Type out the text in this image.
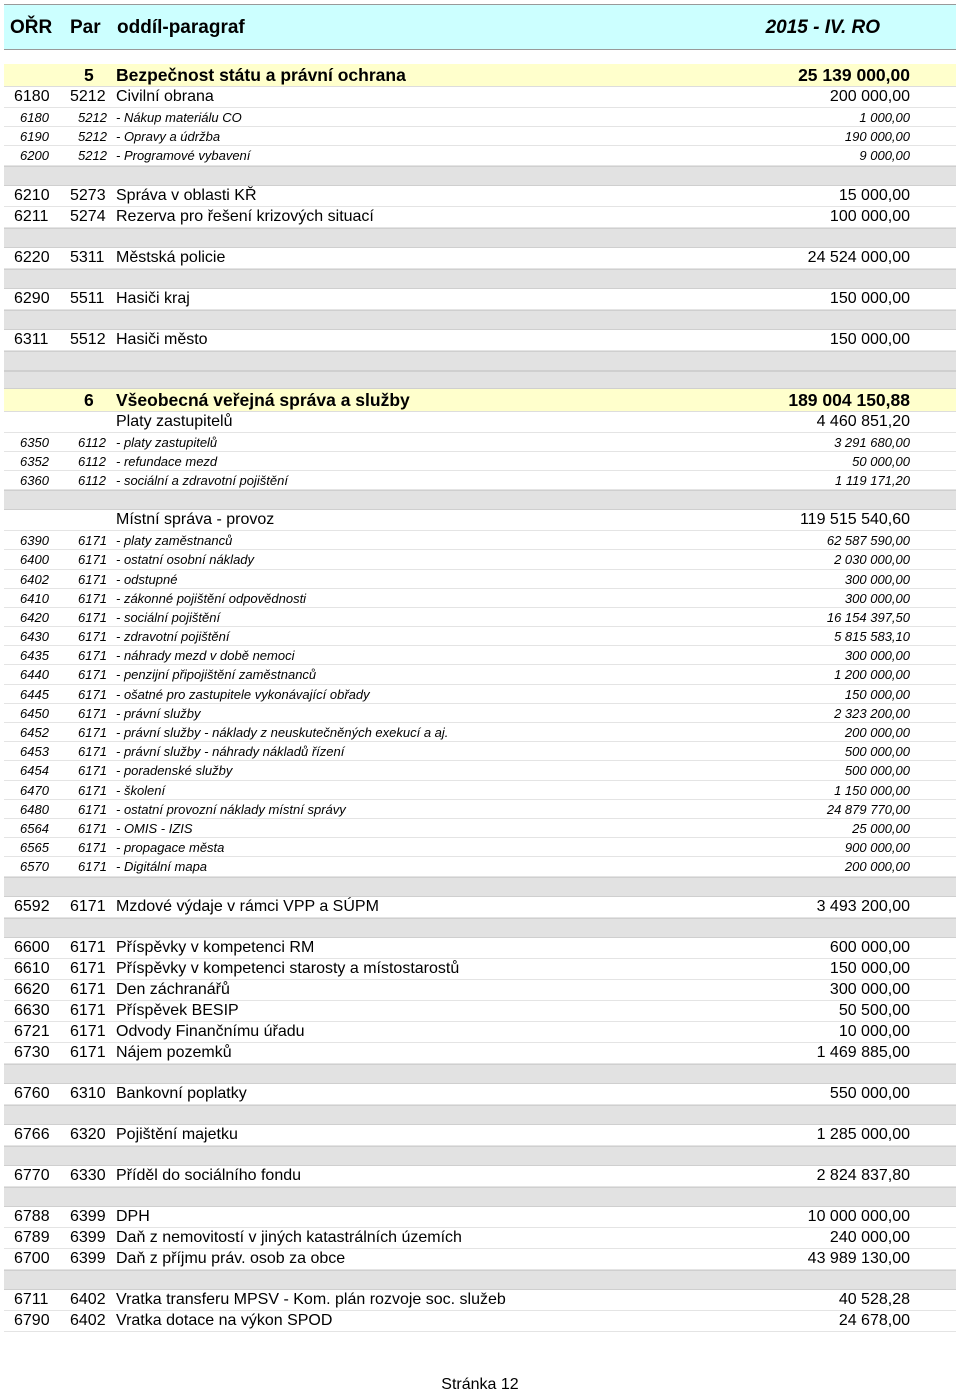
OŘR Par oddíl-paragraf	2015 - IV. RO
5 Bezpečnost státu a právní ochrana	25 139 000,00
6180 5212 Civilní obrana	200 000,00
6180 5212 - Nákup materiálu CO	1 000,00
6190 5212 - Opravy a údržba	190 000,00
6200 5212 - Programové vybavení	9 000,00
6210 5273 Správa v oblasti KŘ	15 000,00
6211 5274 Rezerva pro řešení krizových situací	100 000,00
6220 5311 Městská policie	24 524 000,00
6290 5511 Hasiči kraj	150 000,00
6311 5512 Hasiči město	150 000,00
6 Všeobecná veřejná správa a služby	189 004 150,88
Platy zastupitelů	4 460 851,20
6350 6112 - platy zastupitelů	3 291 680,00
6352 6112 - refundace mezd	50 000,00
6360 6112 - sociální a zdravotní pojištění	1 119 171,20
Místní správa - provoz	119 515 540,60
6390 6171 - platy zaměstnanců	62 587 590,00
6400 6171 - ostatní osobní náklady	2 030 000,00
6402 6171 - odstupné	300 000,00
6410 6171 - zákonné pojištění odpovědnosti	300 000,00
6420 6171 - sociální pojištění	16 154 397,50
6430 6171 - zdravotní pojištění	5 815 583,10
6435 6171 - náhrady mezd v době nemoci	300 000,00
6440 6171 - penzijní připojištění zaměstnanců	1 200 000,00
6445 6171 - ošatné pro zastupitele vykonávající obřady	150 000,00
6450 6171 - právní služby	2 323 200,00
6452 6171 - právní služby - náklady z neuskutečněných exekucí a aj.	200 000,00
6453 6171 - právní služby - náhrady nákladů řízení	500 000,00
6454 6171 - poradenské služby	500 000,00
6470 6171 - školení	1 150 000,00
6480 6171 - ostatní provozní náklady místní správy	24 879 770,00
6564 6171 - OMIS - IZIS	25 000,00
6565 6171 - propagace města	900 000,00
6570 6171 - Digitální mapa	200 000,00
6592 6171 Mzdové výdaje v rámci VPP a SÚPM	3 493 200,00
6600 6171 Příspěvky v kompetenci RM	600 000,00
6610 6171 Příspěvky v kompetenci starosty a místostarostů	150 000,00
6620 6171 Den záchranářů	300 000,00
6630 6171 Příspěvek BESIP	50 500,00
6721 6171 Odvody Finančnímu úřadu	10 000,00
6730 6171 Nájem pozemků	1 469 885,00
6760 6310 Bankovní poplatky	550 000,00
6766 6320 Pojištění majetku	1 285 000,00
6770 6330 Příděl do sociálního fondu	2 824 837,80
6788 6399 DPH	10 000 000,00
6789 6399 Daň z nemovitostí v jiných katastrálních územích	240 000,00
6700 6399 Daň z příjmu práv. osob za obce	43 989 130,00
6711 6402 Vratka transferu MPSV - Kom. plán rozvoje soc. služeb	40 528,28
6790 6402 Vratka dotace na výkon SPOD	24 678,00
Stránka 12
